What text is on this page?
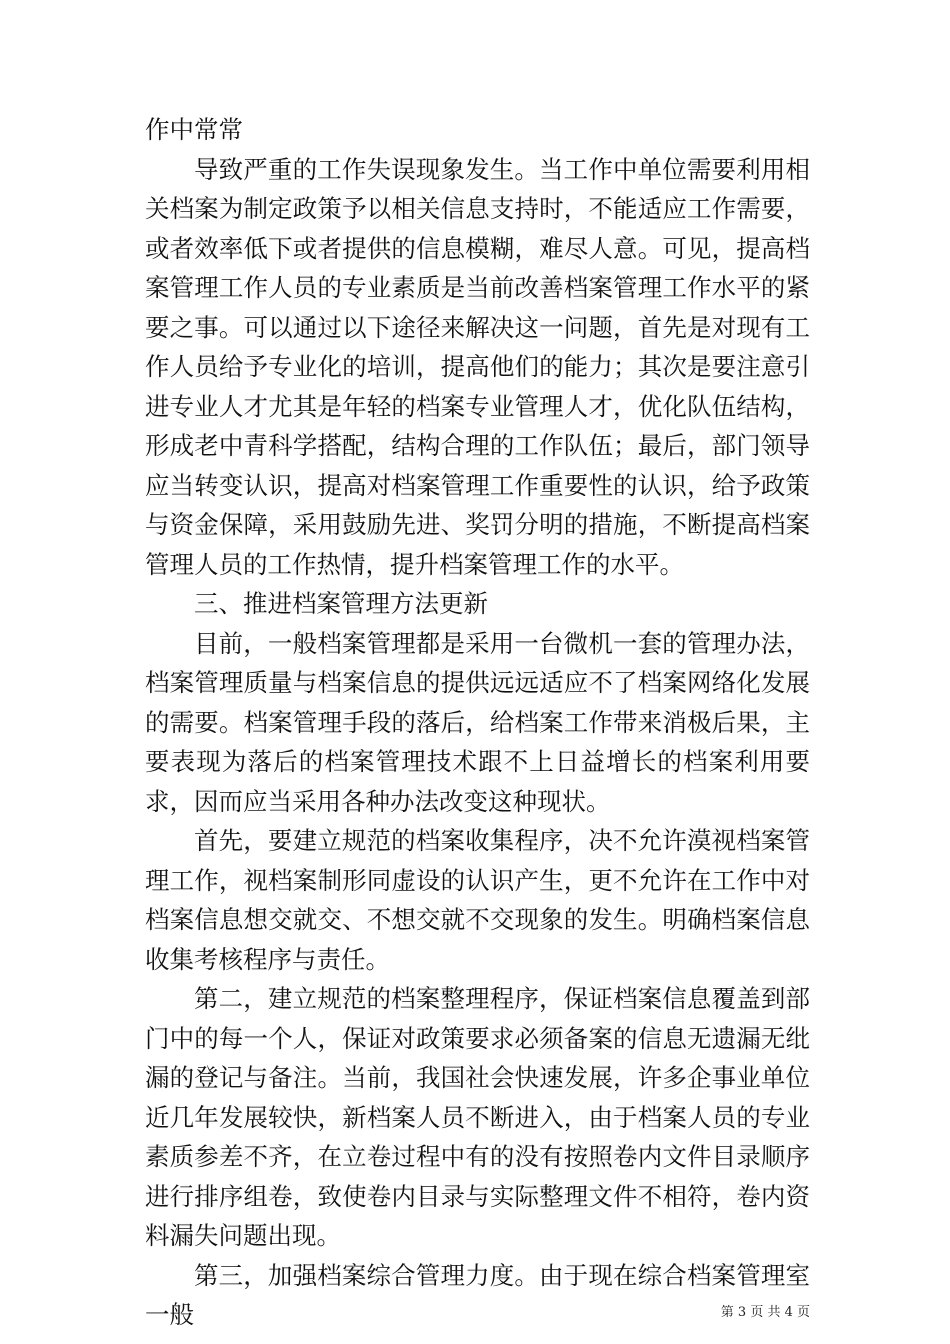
作中常常

导致严重的工作失误现象发生。当工作中单位需要利用相关档案为制定政策予以相关信息支持时，不能适应工作需要，或者效率低下或者提供的信息模糊，难尽人意。可见，提高档案管理工作人员的专业素质是当前改善档案管理工作水平的紧要之事。可以通过以下途径来解决这一问题，首先是对现有工作人员给予专业化的培训，提高他们的能力；其次是要注意引进专业人才尤其是年轻的档案专业管理人才，优化队伍结构，形成老中青科学搭配，结构合理的工作队伍；最后，部门领导应当转变认识，提高对档案管理工作重要性的认识，给予政策与资金保障，采用鼓励先进、奖罚分明的措施，不断提高档案管理人员的工作热情，提升档案管理工作的水平。

三、推进档案管理方法更新

目前，一般档案管理都是采用一台微机一套的管理办法，档案管理质量与档案信息的提供远远适应不了档案网络化发展的需要。档案管理手段的落后，给档案工作带来消极后果，主要表现为落后的档案管理技术跟不上日益增长的档案利用要求，因而应当采用各种办法改变这种现状。

首先，要建立规范的档案收集程序，决不允许漠视档案管理工作，视档案制形同虚设的认识产生，更不允许在工作中对档案信息想交就交、不想交就不交现象的发生。明确档案信息收集考核程序与责任。

第二，建立规范的档案整理程序，保证档案信息覆盖到部门中的每一个人，保证对政策要求必须备案的信息无遗漏无纰漏的登记与备注。当前，我国社会快速发展，许多企事业单位近几年发展较快，新档案人员不断进入，由于档案人员的专业素质参差不齐，在立卷过程中有的没有按照卷内文件目录顺序进行排序组卷，致使卷内目录与实际整理文件不相符，卷内资料漏失问题出现。

第三，加强档案综合管理力度。由于现在综合档案管理室一般	第 3 页 共 4 页
